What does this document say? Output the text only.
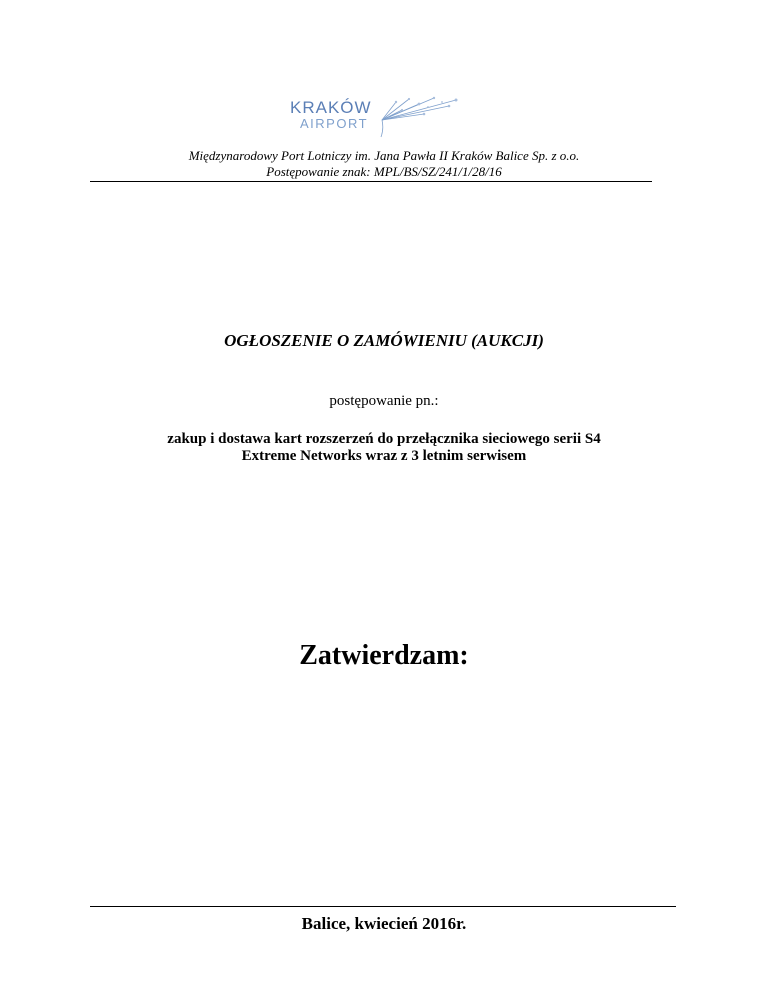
KRAKÓW
AIRPORT
Międzynarodowy Port Lotniczy im. Jana Pawła II Kraków Balice Sp. z o.o.
Postępowanie znak: MPL/BS/SZ/241/1/28/16
OGŁOSZENIE O ZAMÓWIENIU (AUKCJI)
postępowanie pn.:
zakup i dostawa kart rozszerzeń do przełącznika sieciowego serii S4
Extreme Networks wraz z 3 letnim serwisem
Zatwierdzam:
Balice, kwiecień 2016r.
